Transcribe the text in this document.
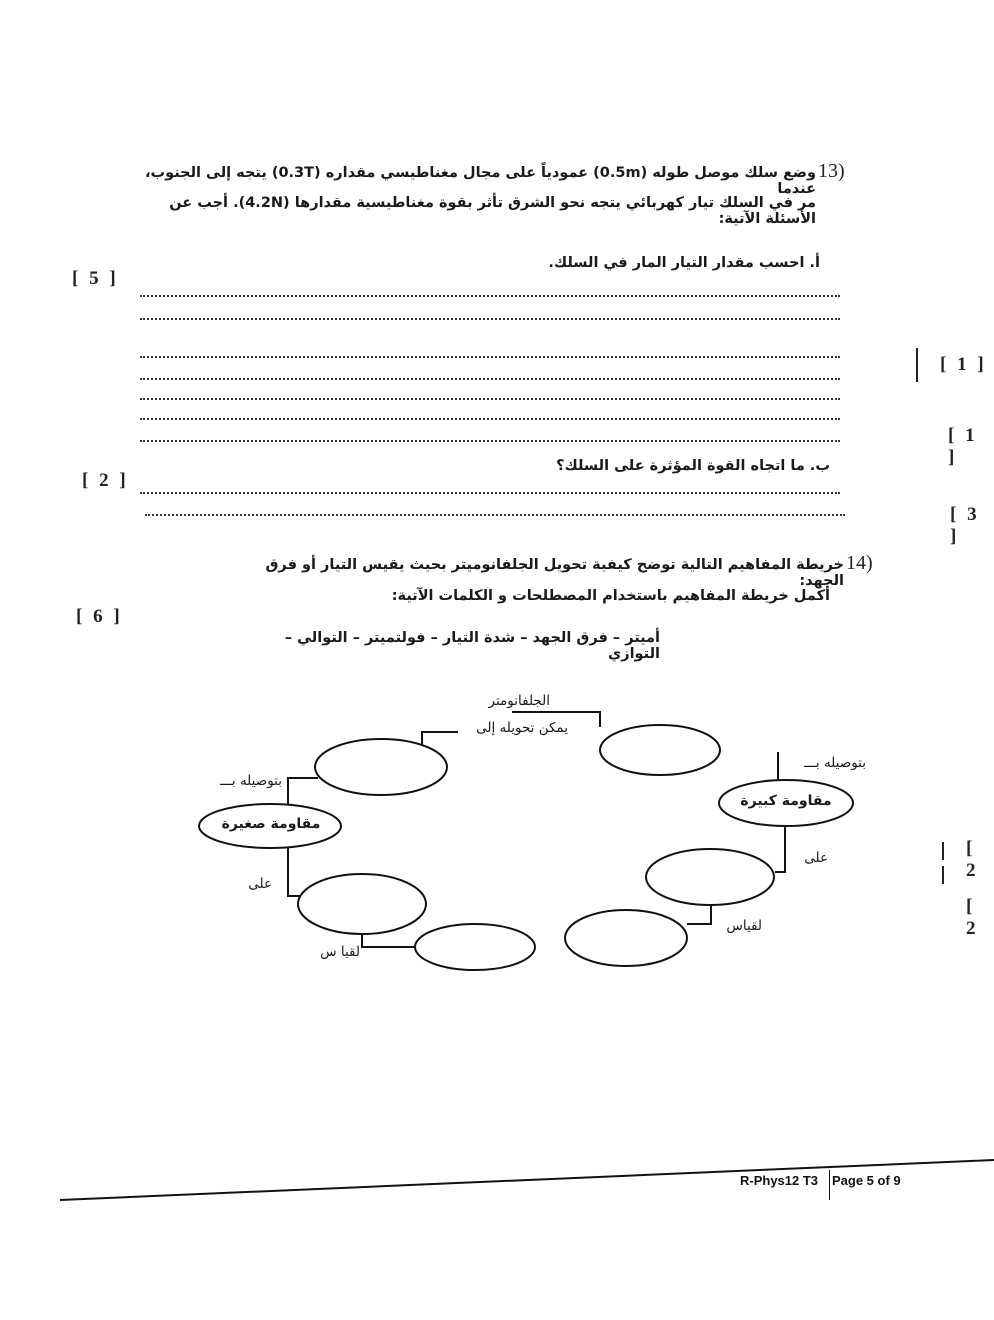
13)
وضع سلك موصل طوله (0.5m) عمودياً على مجال مغناطيسي مقداره (0.3T) يتجه إلى الجنوب، عندما
مر في السلك تيار كهربائي يتجه نحو الشرق تأثر بقوة مغناطيسية مقدارها (4.2N). أجب عن الأسئلة الآتية:
[ 5 ]
أ. احسب مقدار التيار المار في السلك.
[ 2 ]
ب. ما اتجاه القوة المؤثرة على السلك؟
[ 1 ]
[ 1 ]
[ 3 ]
[ 2
[ 2
14)
خريطة المفاهيم التالية توضح كيفية تحويل الجلفانوميتر بحيث يقيس التيار أو فرق الجهد:
[ 6 ]
أكمل خريطة المفاهيم باستخدام المصطلحات و الكلمات الآتية:
أميتر – فرق الجهد – شدة التيار – فولتميتر – التوالي – التوازي
الجلفانومتر
يمكن تحويله إلى
بتوصيله بـــ
بتوصيله بـــ
مقاومة صغيرة
مقاومة كبيرة
على
على
لقيا س
لقياس
R-Phys12 T3 Page 5 of 9
